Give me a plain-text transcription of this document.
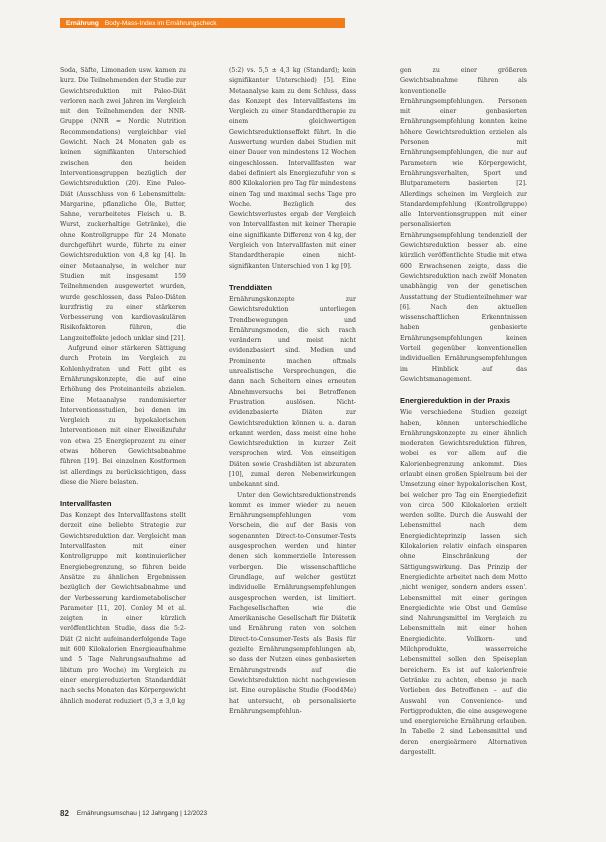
Ernährung Body-Mass-Index im Ernährungscheck

Soda, Säfte, Limonaden usw. kamen zu kurz. Die Teilnehmenden der Studie zur Gewichtsreduktion mit Paleo-Diät verloren nach zwei Jahren im Vergleich mit den Teilnehmenden der NNR-Gruppe (NNR = Nordic Nutrition Recommendations) vergleichbar viel Gewicht. Nach 24 Monaten gab es keinen signifikanten Unterschied zwischen den beiden Interventionsgruppen bezüglich der Gewichtsreduktion (20). Eine Paleo-Diät (Ausschluss von 6 Lebensmitteln: Margarine, pflanzliche Öle, Butter, Sahne, verarbeitetes Fleisch u. B. Wurst, zuckerhaltige Getränke), die ohne Kontrollgruppe für 24 Monate durchgeführt wurde, führte zu einer Gewichtsreduktion von 4,8 kg [4]. In einer Metaanalyse, in welcher nur Studien mit insgesamt 159 Teilnehmenden ausgewertet wurden, wurde geschlossen, dass Paleo-Diäten kurzfristig zu einer stärkeren Verbesserung von kardiovaskulären Risikofaktoren führen, die Langzeiteffekte jedoch unklar sind [21].

Aufgrund einer stärkeren Sättigung durch Protein im Vergleich zu Kohlenhydraten und Fett gibt es Ernährungskonzepte, die auf eine Erhöhung des Proteinanteils abzielen. Eine Metaanalyse randomisierter Interventionsstudien, bei denen im Vergleich zu hypokalorischen Interventionen mit einer Eiweißzufuhr von etwa 25 Energieprozent zu einer etwas höheren Gewichtsabnahme führen [19]. Bei einzelnen Kostformen ist allerdings zu berücksichtigen, dass diese die Niere belasten.

Intervallfasten

Das Konzept des Intervallfastens stellt derzeit eine beliebte Strategie zur Gewichtsreduktion dar. Vergleicht man Intervallfasten mit einer Kontrollgruppe mit kontinuierlicher Energiebegrenzung, so führen beide Ansätze zu ähnlichen Ergebnissen bezüglich der Gewichtsabnahme und der Verbesserung kardiometabolischer Parameter [11, 20]. Conley M et al. zeigten in einer kürzlich veröffentlichten Studie, dass die 5:2-Diät (2 nicht aufeinanderfolgende Tage mit 600 Kilokalorien Energieaufnahme und 5 Tage Nahrungsaufnahme ad libitum pro Woche) im Vergleich zu einer energiereduzierten Standarddiät nach sechs Monaten das Körpergewicht ähnlich moderat reduziert (5,3 ± 3,0 kg

(5:2) vs. 5,5 ± 4,3 kg (Standard); kein signifikanter Unterschied) [5]. Eine Metaanalyse kam zu dem Schluss, dass das Konzept des Intervallfastens im Vergleich zu einer Standardtherapie zu einem gleichwertigen Gewichtsreduktionseffekt führt. In die Auswertung wurden dabei Studien mit einer Dauer von mindestens 12 Wochen eingeschlossen. Intervallfasten war dabei definiert als Energiezufuhr von ≤ 800 Kilokalorien pro Tag für mindestens einen Tag und maximal sechs Tage pro Woche. Bezüglich des Gewichtsverlustes ergab der Vergleich von Intervallfasten mit keiner Therapie eine signifikante Differenz von 4 kg, der Vergleich von Intervallfasten mit einer Standardtherapie einen nicht-signifikanten Unterschied von 1 kg [9].

Trenddiäten

Ernährungskonzepte zur Gewichtsreduktion unterliegen Trendbewegungen und Ernährungsmoden, die sich rasch verändern und meist nicht evidenzbasiert sind. Medien und Prominente machen oftmals unrealistische Versprechungen, die dann nach Scheitern eines erneuten Abnehmversuchs bei Betroffenen Frustration auslösen. Nicht-evidenzbasierte Diäten zur Gewichtsreduktion können u. a. daran erkannt werden, dass meist eine hohe Gewichtsreduktion in kurzer Zeit versprochen wird. Von einseitigen Diäten sowie Crashdiäten ist abzuraten [10], zumal deren Nebenwirkungen unbekannt sind.

Unter den Gewichtsreduktionstrends kommt es immer wieder zu neuen Ernährungsempfehlungen vom Vorschein, die auf der Basis von sogenannten Direct-to-Consumer-Tests ausgesprochen werden und hinter denen sich kommerzielle Interessen verbergen. Die wissenschaftliche Grundlage, auf welcher gestützt individuelle Ernährungsempfehlungen ausgesprochen werden, ist limitiert. Fachgesellschaften wie die Amerikanische Gesellschaft für Diätetik und Ernährung raten von solchen Direct-to-Consumer-Tests als Basis für gezielte Ernährungsempfehlungen ab, so dass der Nutzen eines genbasierten Ernährungstrends auf die Gewichtsreduktion nicht nachgewiesen ist. Eine europäische Studie (Food4Me) hat untersucht, ob personalisierte Ernährungsempfehlun-

gen zu einer größeren Gewichtsabnahme führen als konventionelle Ernährungsempfehlungen. Personen mit einer genbasierten Ernährungsempfehlung konnten keine höhere Gewichtsreduktion erzielen als Personen mit Ernährungsempfehlungen, die nur auf Parametern wie Körpergewicht, Ernährungsverhalten, Sport und Blutparametern basierten [2]. Allerdings scheinen im Vergleich zur Standardempfehlung (Kontrollgruppe) alle Interventionsgruppen mit einer personalisierten Ernährungsempfehlung tendenziell der Gewichtsreduktion besser ab. eine kürzlich veröffentlichte Studie mit etwa 600 Erwachsenen zeigte, dass die Gewichtsreduktion nach zwölf Monaten unabhängig von der genetischen Ausstattung der Studienteilnehmer war [6]. Nach den aktuellen wissenschaftlichen Erkenntnissen haben genbasierte Ernährungsempfehlungen keinen Vorteil gegenüber konventionellen individuellen Ernährungsempfehlungen im Hinblick auf das Gewichtsmanagement.

Energiereduktion in der Praxis

Wie verschiedene Studien gezeigt haben, können unterschiedliche Ernährungskonzepte zu einer ähnlich moderaten Gewichtsreduktion führen, wobei es vor allem auf die Kalorienbegrenzung ankommt. Dies erlaubt einen großen Spielraum bei der Umsetzung einer hypokalorischen Kost, bei welcher pro Tag ein Energiedefizit von circa 500 Kilokalorien erzielt werden sollte. Durch die Auswahl der Lebensmittel nach dem Energiedichteprinzip lassen sich Kilokalorien relativ einfach einsparen ohne Einschränkung der Sättigungswirkung. Das Prinzip der Energiedichte arbeitet nach dem Motto ‚nicht weniger, sondern anders essen'. Lebensmittel mit einer geringen Energiedichte wie Obst und Gemüse sind Nahrungsmittel im Vergleich zu Lebensmitteln mit einer hohen Energiedichte. Vollkorn- und Milchprodukte, wasserreiche Lebensmittel sollen den Speiseplan bereichern. Es ist auf kalorienfreie Getränke zu achten, ebenso je nach Vorlieben des Betroffenen – auf die Auswahl von Convenience- und Fertigprodukten, die eine ausgewogene und energiereiche Ernährung erlauben. In Tabelle 2 sind Lebensmittel und deren energieärmere Alternativen dargestellt.

82 Ernährungsumschau | 12 Jahrgang | 12/2023
